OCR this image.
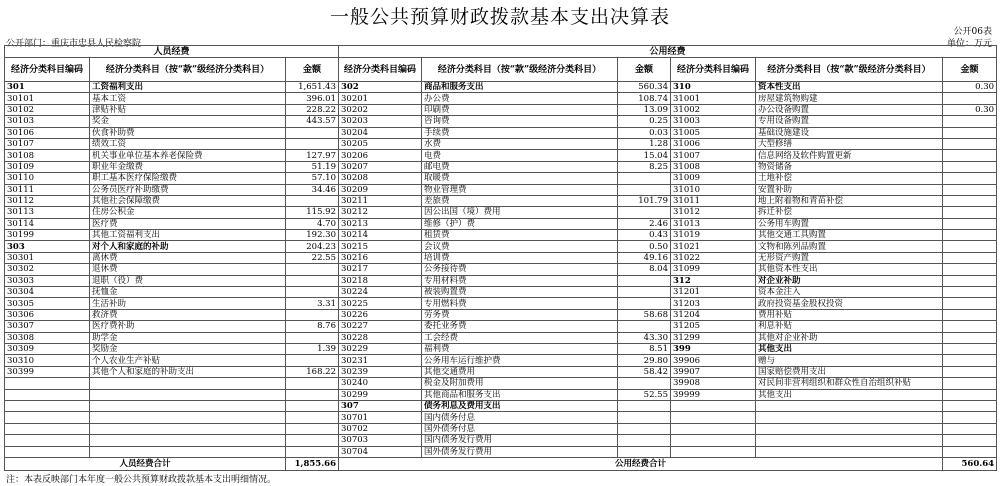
一般公共预算财政拨款基本支出决算表
公开06表
公开部门：重庆市忠县人民检察院	单位：万元
人员经费			公用经费					
经济分类科目编码	经济分类科目（按“款”级经济分类科目）	金额	经济分类科目编码	经济分类科目（按“款”级经济分类科目）	金额	经济分类科目编码	经济分类科目（按“款”级经济分类科目）	金额
301	工资福利支出	1,651.43	302	商品和服务支出	560.34	310	资本性支出	0.30
30101	基本工资	396.01	30201	办公费	108.74	31001	房屋建筑物购建	
30102	津贴补贴	228.22	30202	印刷费	13.09	31002	办公设备购置	0.30
30103	奖金	443.57	30203	咨询费	0.25	31003	专用设备购置	
30106	伙食补助费		30204	手续费	0.03	31005	基础设施建设	
30107	绩效工资		30205	水费	1.28	31006	大型修缮	
30108	机关事业单位基本养老保险费	127.97	30206	电费	15.04	31007	信息网络及软件购置更新	
30109	职业年金缴费	51.19	30207	邮电费	8.25	31008	物资储备	
30110	职工基本医疗保险缴费	57.10	30208	取暖费		31009	土地补偿	
30111	公务员医疗补助缴费	34.46	30209	物业管理费		31010	安置补助	
30112	其他社会保障缴费		30211	差旅费	101.79	31011	地上附着物和青苗补偿	
30113	住房公积金	115.92	30212	因公出国（境）费用		31012	拆迁补偿	
30114	医疗费	4.70	30213	维修（护）费	2.46	31013	公务用车购置	
30199	其他工资福利支出	192.30	30214	租赁费	0.43	31019	其他交通工具购置	
303	对个人和家庭的补助	204.23	30215	会议费	0.50	31021	文物和陈列品购置	
30301	离休费	22.55	30216	培训费	49.16	31022	无形资产购置	
30302	退休费		30217	公务接待费	8.04	31099	其他资本性支出	
30303	退职（役）费		30218	专用材料费		312	对企业补助	
30304	抚恤金		30224	被装购置费		31201	资本金注入	
30305	生活补助	3.31	30225	专用燃料费		31203	政府投资基金股权投资	
30306	救济费		30226	劳务费	58.68	31204	费用补贴	
30307	医疗费补助	8.76	30227	委托业务费		31205	利息补贴	
30308	助学金		30228	工会经费	43.30	31299	其他对企业补助	
30309	奖励金	1.39	30229	福利费	8.51	399	其他支出	
30310	个人农业生产补贴		30231	公务用车运行维护费	29.80	39906	赠与	
30399	其他个人和家庭的补助支出	168.22	30239	其他交通费用	58.42	39907	国家赔偿费用支出	
			30240	税金及附加费用		39908	对民间非营利组织和群众性自治组织补贴	
			30299	其他商品和服务支出	52.55	39999	其他支出	
			307	债务利息及费用支出				
			30701	国内债务付息				
			30702	国外债务付息				
			30703	国内债务发行费用				
			30704	国外债务发行费用				
人员经费合计		1,855.66	公用经费合计					560.64
注：本表反映部门本年度一般公共预算财政拨款基本支出明细情况。
